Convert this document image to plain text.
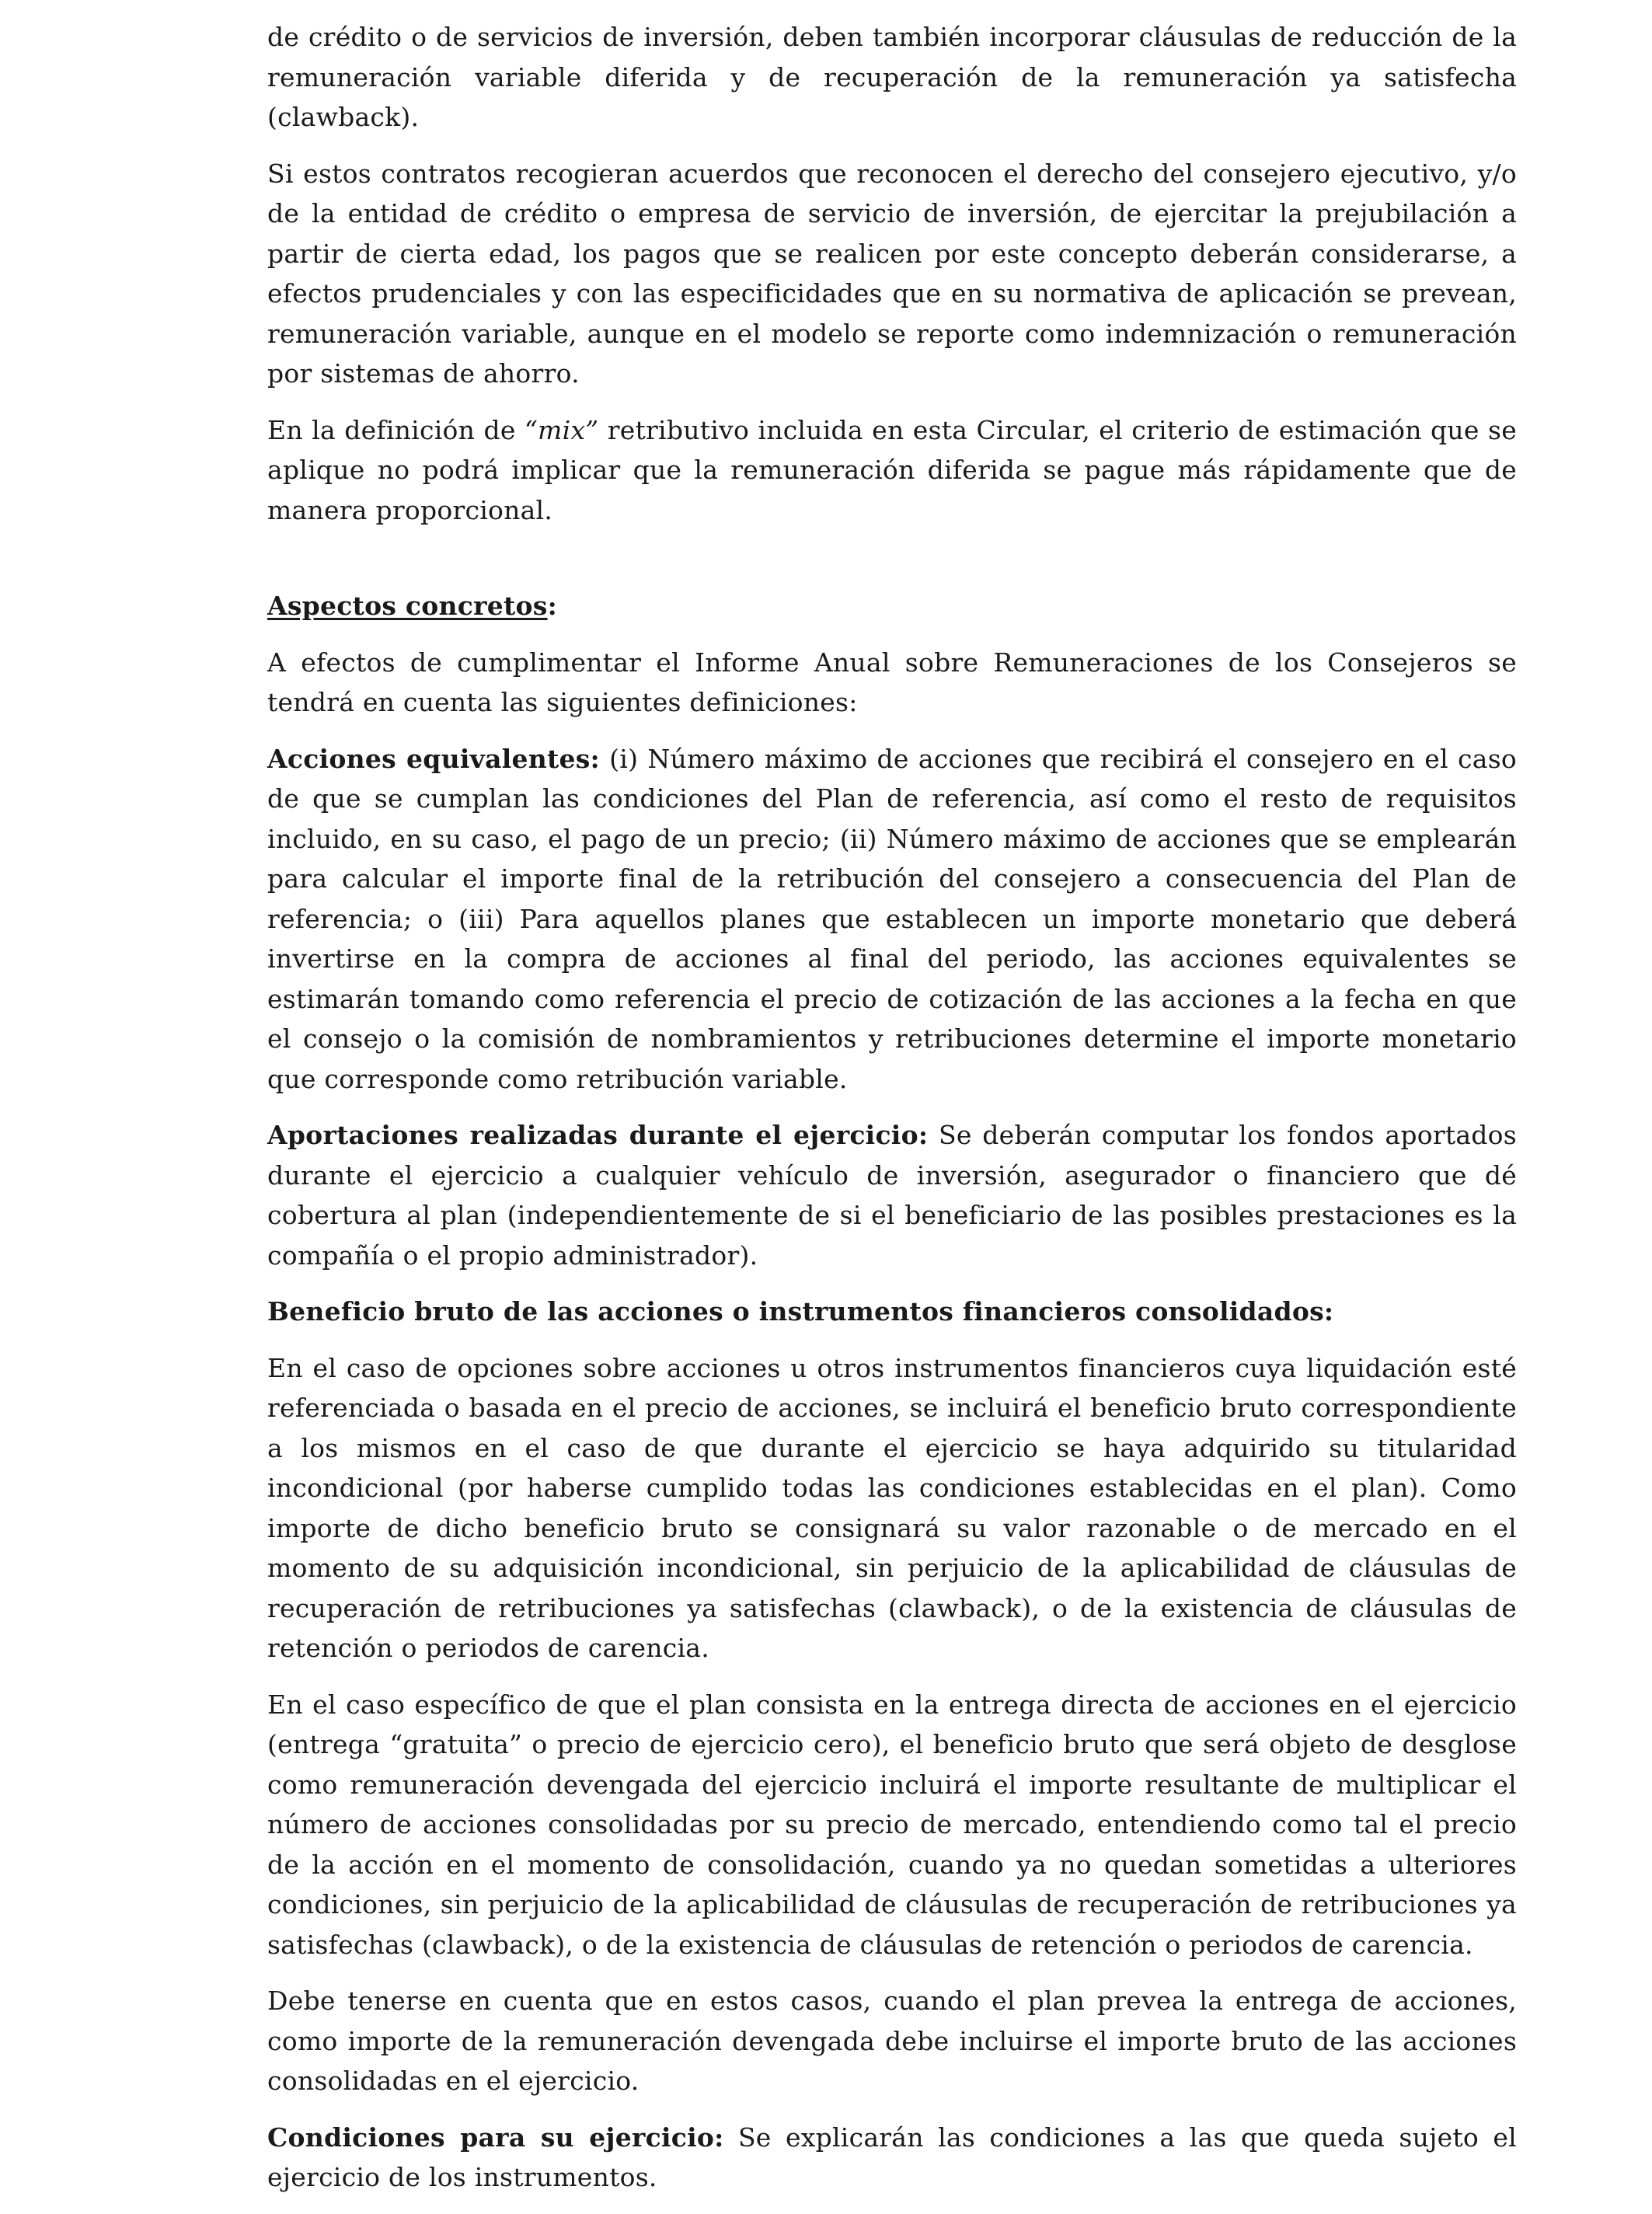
de crédito o de servicios de inversión, deben también incorporar cláusulas de reducción de la remuneración variable diferida y de recuperación de la remuneración ya satisfecha (clawback).

Si estos contratos recogieran acuerdos que reconocen el derecho del consejero ejecutivo, y/o de la entidad de crédito o empresa de servicio de inversión, de ejercitar la prejubilación a partir de cierta edad, los pagos que se realicen por este concepto deberán considerarse, a efectos prudenciales y con las especificidades que en su normativa de aplicación se prevean, remuneración variable, aunque en el modelo se reporte como indemnización o remuneración por sistemas de ahorro.

En la definición de “mix” retributivo incluida en esta Circular, el criterio de estimación que se aplique no podrá implicar que la remuneración diferida se pague más rápidamente que de manera proporcional.

Aspectos concretos:

A efectos de cumplimentar el Informe Anual sobre Remuneraciones de los Consejeros se tendrá en cuenta las siguientes definiciones:

Acciones equivalentes: (i) Número máximo de acciones que recibirá el consejero en el caso de que se cumplan las condiciones del Plan de referencia, así como el resto de requisitos incluido, en su caso, el pago de un precio; (ii) Número máximo de acciones que se emplearán para calcular el importe final de la retribución del consejero a consecuencia del Plan de referencia; o (iii) Para aquellos planes que establecen un importe monetario que deberá invertirse en la compra de acciones al final del periodo, las acciones equivalentes se estimarán tomando como referencia el precio de cotización de las acciones a la fecha en que el consejo o la comisión de nombramientos y retribuciones determine el importe monetario que corresponde como retribución variable.

Aportaciones realizadas durante el ejercicio: Se deberán computar los fondos aportados durante el ejercicio a cualquier vehículo de inversión, asegurador o financiero que dé cobertura al plan (independientemente de si el beneficiario de las posibles prestaciones es la compañía o el propio administrador).

Beneficio bruto de las acciones o instrumentos financieros consolidados:

En el caso de opciones sobre acciones u otros instrumentos financieros cuya liquidación esté referenciada o basada en el precio de acciones, se incluirá el beneficio bruto correspondiente a los mismos en el caso de que durante el ejercicio se haya adquirido su titularidad incondicional (por haberse cumplido todas las condiciones establecidas en el plan). Como importe de dicho beneficio bruto se consignará su valor razonable o de mercado en el momento de su adquisición incondicional, sin perjuicio de la aplicabilidad de cláusulas de recuperación de retribuciones ya satisfechas (clawback), o de la existencia de cláusulas de retención o periodos de carencia.

En el caso específico de que el plan consista en la entrega directa de acciones en el ejercicio (entrega “gratuita” o precio de ejercicio cero), el beneficio bruto que será objeto de desglose como remuneración devengada del ejercicio incluirá el importe resultante de multiplicar el número de acciones consolidadas por su precio de mercado, entendiendo como tal el precio de la acción en el momento de consolidación, cuando ya no quedan sometidas a ulteriores condiciones, sin perjuicio de la aplicabilidad de cláusulas de recuperación de retribuciones ya satisfechas (clawback), o de la existencia de cláusulas de retención o periodos de carencia.

Debe tenerse en cuenta que en estos casos, cuando el plan prevea la entrega de acciones, como importe de la remuneración devengada debe incluirse el importe bruto de las acciones consolidadas en el ejercicio.

Condiciones para su ejercicio: Se explicarán las condiciones a las que queda sujeto el ejercicio de los instrumentos.
